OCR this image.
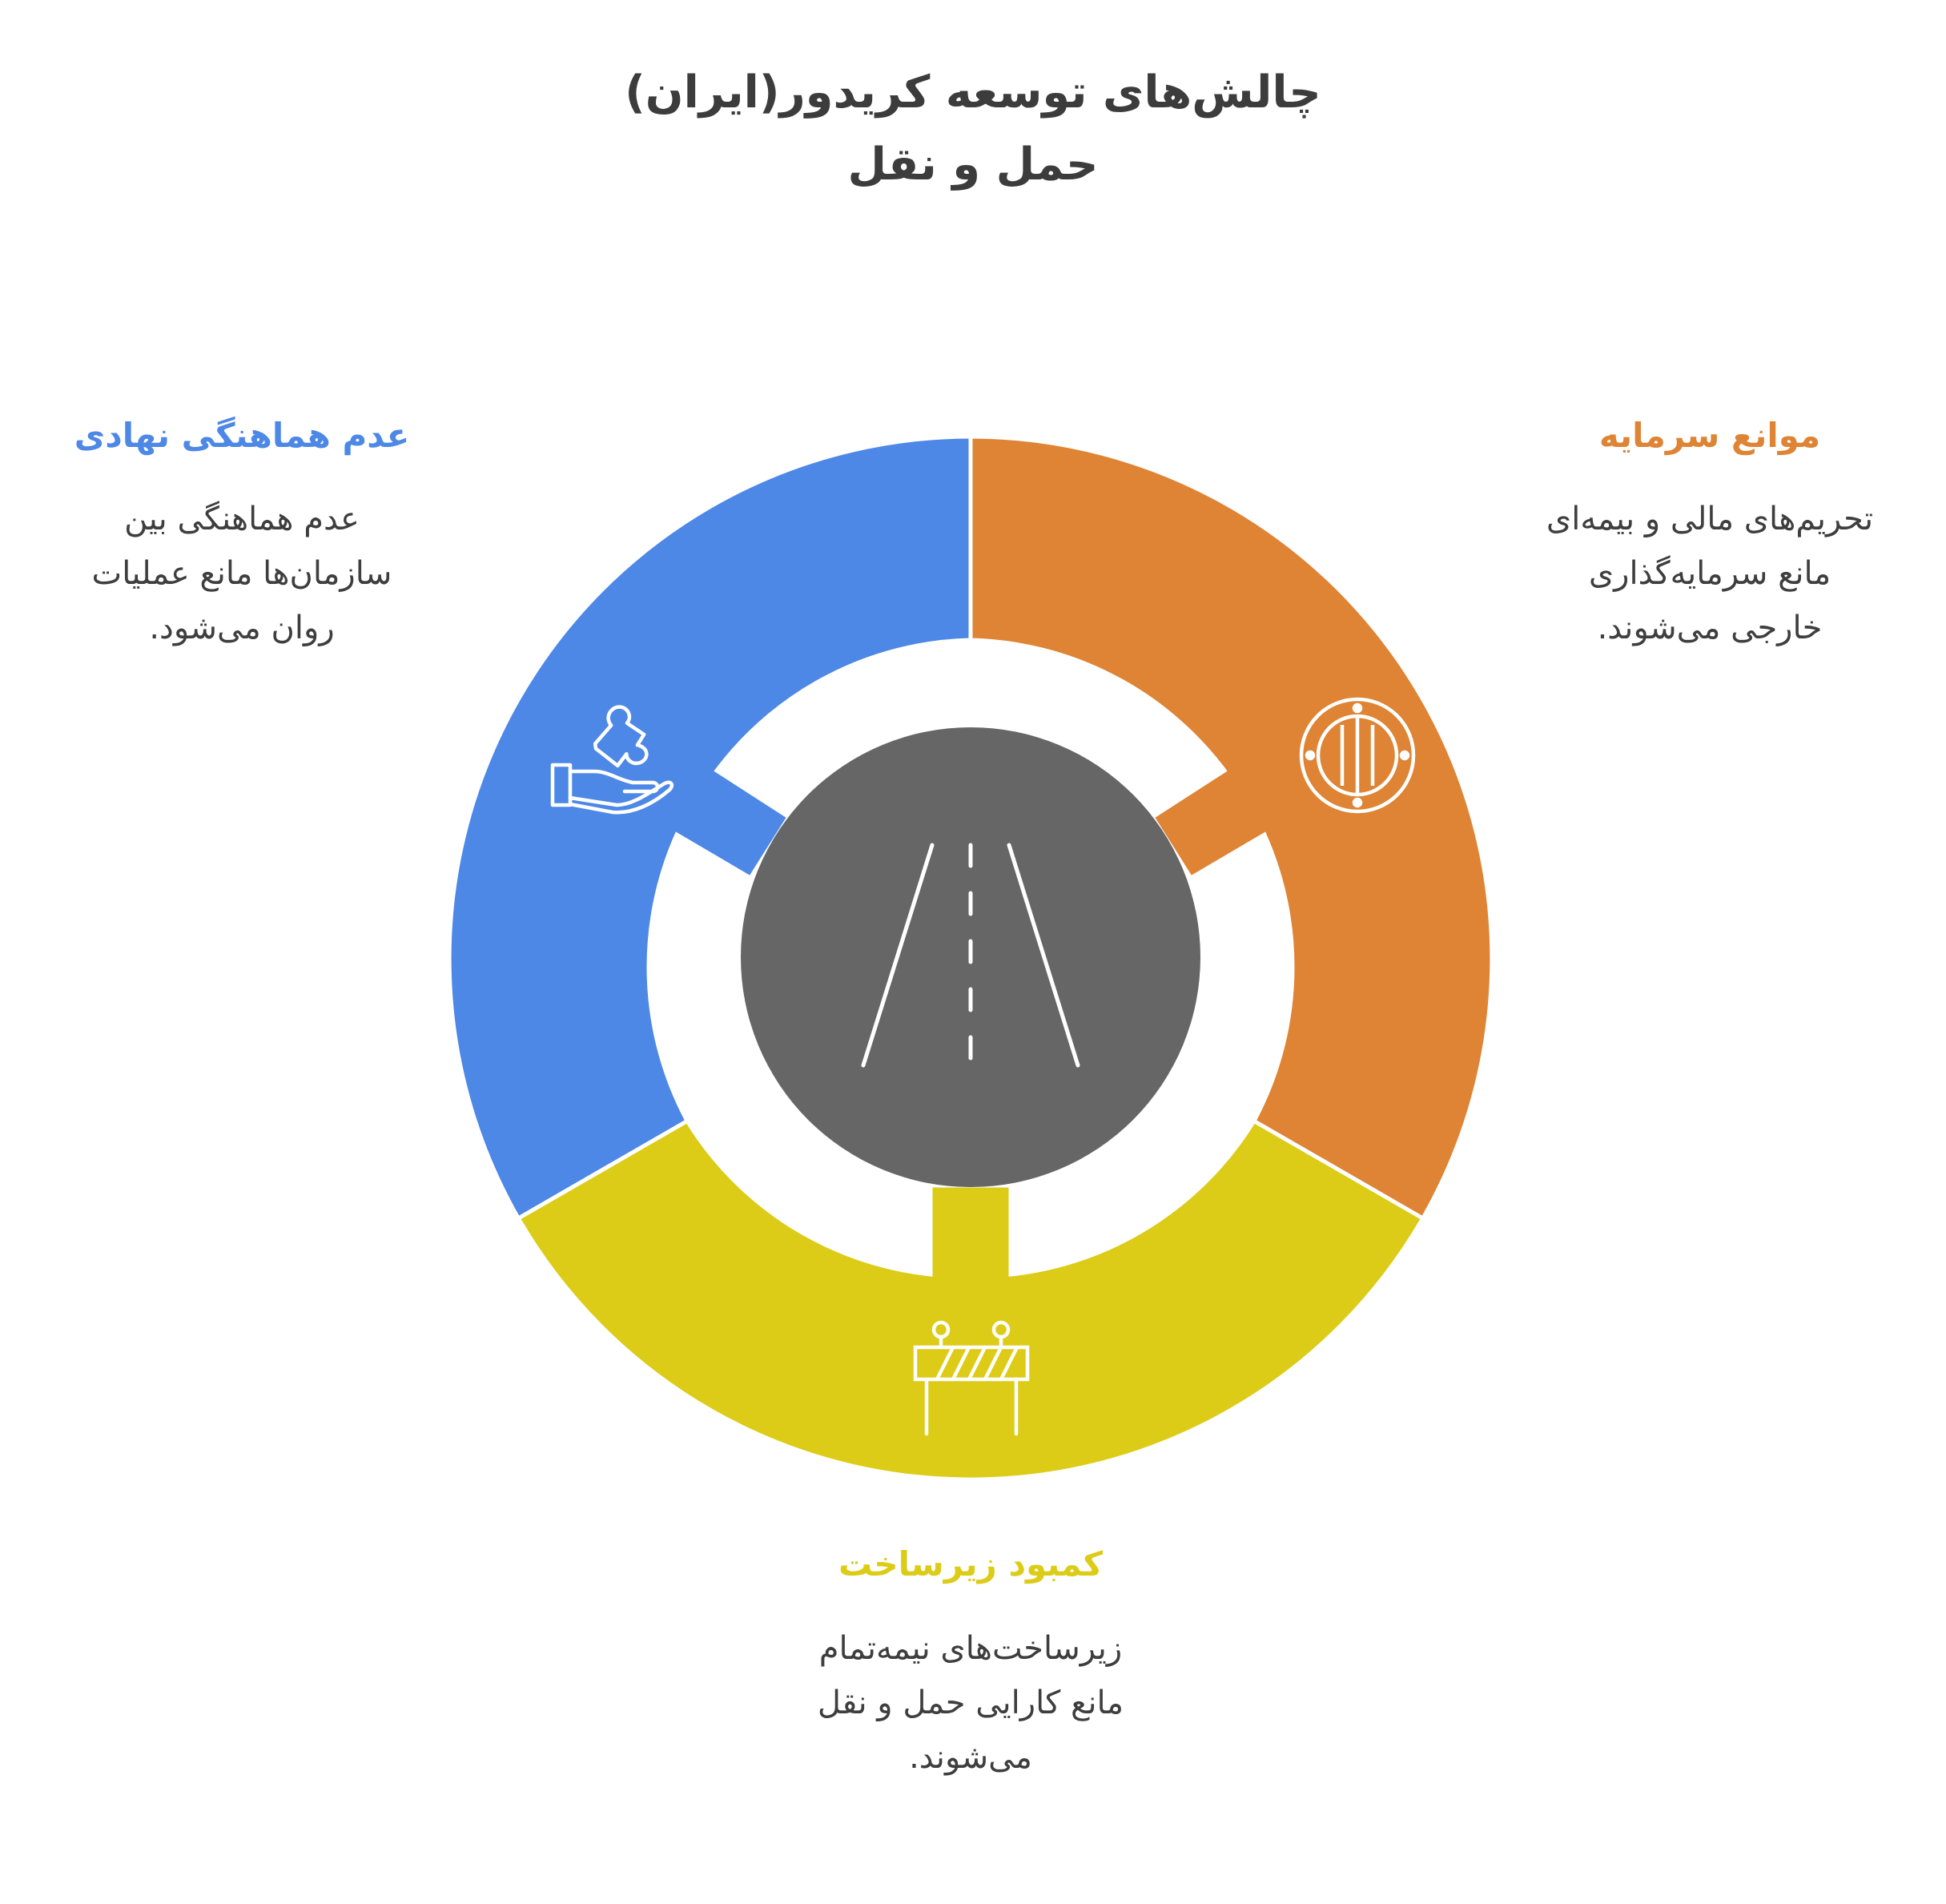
چالش‌های توسعه کریدور(ایران)
حمل و نقل
عدم هماهنگی نهادی	موانع سرمایه
کمبود زیرساخت
عدم هماهنگی بین
سازمان‌ها مانع عملیات
روان می‌شود.
تحریم‌های مالی و بیمه‌ای
مانع سرمایه‌گذاری
خارجی می‌شوند.
زیرساخت‌های نیمه‌تمام
مانع کارایی حمل و نقل
می‌شوند.
